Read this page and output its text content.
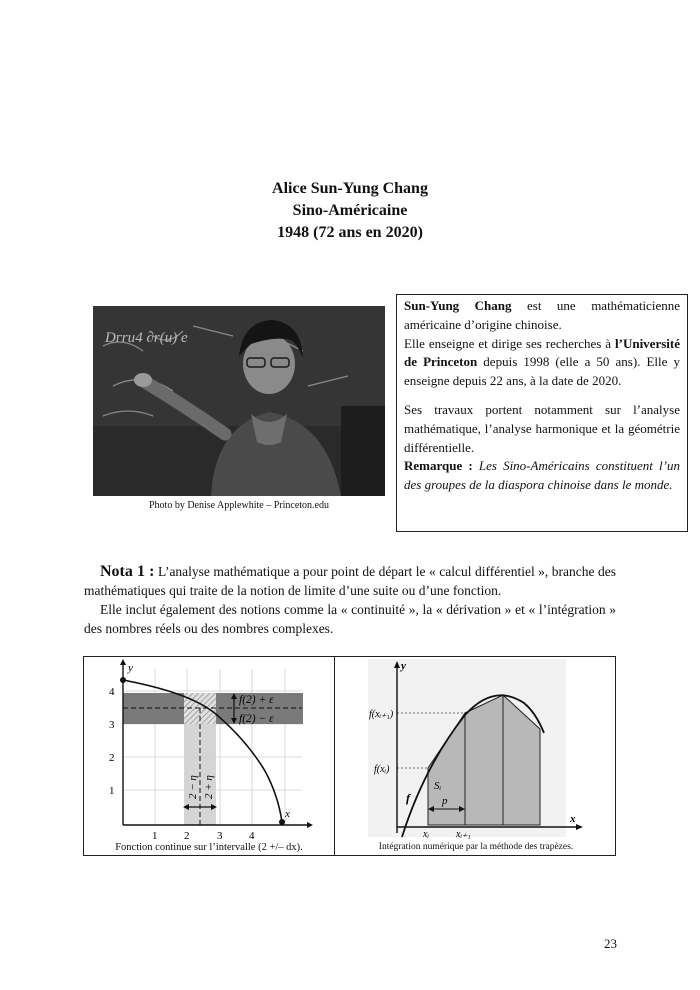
Alice Sun-Yung Chang
Sino-Américaine
1948 (72 ans en 2020)
Dᴦrᴎ4 ∂r(u) e
Photo by Denise Applewhite – Princeton.edu

Sun-Yung Chang est une mathématicienne américaine d’origine chinoise.

Elle enseigne et dirige ses recherches à l’Université de Princeton depuis 1998 (elle a 50 ans). Elle y enseigne depuis 22 ans, à la date de 2020.

Ses travaux portent notamment sur l’analyse mathématique, l’analyse harmonique et la géométrie différentielle.

Remarque : Les Sino-Américains constituent l’un des groupes de la diaspora chinoise dans le monde.

Nota 1 : L’analyse mathématique a pour point de départ le « calcul différentiel », branche des mathématiques qui traite de la notion de limite d’une suite ou d’une fonction.

Elle inclut également des notions comme la « continuité », la « dérivation » et « l’intégration » des nombres réels ou des nombres complexes.

y
x
1
2
3
4
1 2	3 4
f(2) + ε
f(2) − ε
2 − η 2 + η
Fonction continue sur l’intervalle (2 +/– dx).
y
x
f(xᵢ₊₁)
f(xᵢ)
f
Sᵢ
p
xᵢ	xᵢ₊₁
Intégration numérique par la méthode des trapèzes.
23
